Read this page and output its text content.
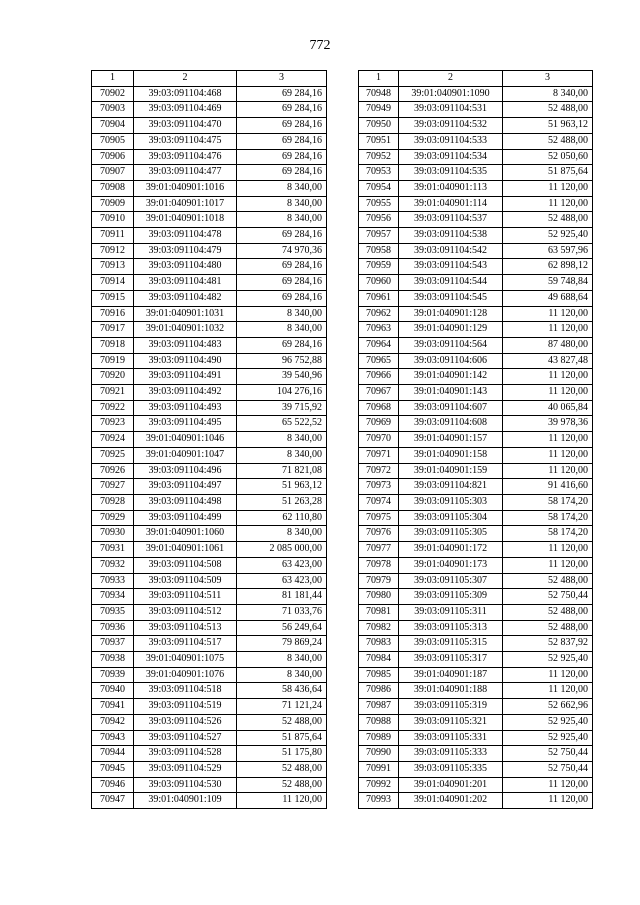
772
1	2	3
70902	39:03:091104:468	69 284,16
70903	39:03:091104:469	69 284,16
70904	39:03:091104:470	69 284,16
70905	39:03:091104:475	69 284,16
70906	39:03:091104:476	69 284,16
70907	39:03:091104:477	69 284,16
70908	39:01:040901:1016	8 340,00
70909	39:01:040901:1017	8 340,00
70910	39:01:040901:1018	8 340,00
70911	39:03:091104:478	69 284,16
70912	39:03:091104:479	74 970,36
70913	39:03:091104:480	69 284,16
70914	39:03:091104:481	69 284,16
70915	39:03:091104:482	69 284,16
70916	39:01:040901:1031	8 340,00
70917	39:01:040901:1032	8 340,00
70918	39:03:091104:483	69 284,16
70919	39:03:091104:490	96 752,88
70920	39:03:091104:491	39 540,96
70921	39:03:091104:492	104 276,16
70922	39:03:091104:493	39 715,92
70923	39:03:091104:495	65 522,52
70924	39:01:040901:1046	8 340,00
70925	39:01:040901:1047	8 340,00
70926	39:03:091104:496	71 821,08
70927	39:03:091104:497	51 963,12
70928	39:03:091104:498	51 263,28
70929	39:03:091104:499	62 110,80
70930	39:01:040901:1060	8 340,00
70931	39:01:040901:1061	2 085 000,00
70932	39:03:091104:508	63 423,00
70933	39:03:091104:509	63 423,00
70934	39:03:091104:511	81 181,44
70935	39:03:091104:512	71 033,76
70936	39:03:091104:513	56 249,64
70937	39:03:091104:517	79 869,24
70938	39:01:040901:1075	8 340,00
70939	39:01:040901:1076	8 340,00
70940	39:03:091104:518	58 436,64
70941	39:03:091104:519	71 121,24
70942	39:03:091104:526	52 488,00
70943	39:03:091104:527	51 875,64
70944	39:03:091104:528	51 175,80
70945	39:03:091104:529	52 488,00
70946	39:03:091104:530	52 488,00
70947	39:01:040901:109	11 120,00
1	2	3
70948	39:01:040901:1090	8 340,00
70949	39:03:091104:531	52 488,00
70950	39:03:091104:532	51 963,12
70951	39:03:091104:533	52 488,00
70952	39:03:091104:534	52 050,60
70953	39:03:091104:535	51 875,64
70954	39:01:040901:113	11 120,00
70955	39:01:040901:114	11 120,00
70956	39:03:091104:537	52 488,00
70957	39:03:091104:538	52 925,40
70958	39:03:091104:542	63 597,96
70959	39:03:091104:543	62 898,12
70960	39:03:091104:544	59 748,84
70961	39:03:091104:545	49 688,64
70962	39:01:040901:128	11 120,00
70963	39:01:040901:129	11 120,00
70964	39:03:091104:564	87 480,00
70965	39:03:091104:606	43 827,48
70966	39:01:040901:142	11 120,00
70967	39:01:040901:143	11 120,00
70968	39:03:091104:607	40 065,84
70969	39:03:091104:608	39 978,36
70970	39:01:040901:157	11 120,00
70971	39:01:040901:158	11 120,00
70972	39:01:040901:159	11 120,00
70973	39:03:091104:821	91 416,60
70974	39:03:091105:303	58 174,20
70975	39:03:091105:304	58 174,20
70976	39:03:091105:305	58 174,20
70977	39:01:040901:172	11 120,00
70978	39:01:040901:173	11 120,00
70979	39:03:091105:307	52 488,00
70980	39:03:091105:309	52 750,44
70981	39:03:091105:311	52 488,00
70982	39:03:091105:313	52 488,00
70983	39:03:091105:315	52 837,92
70984	39:03:091105:317	52 925,40
70985	39:01:040901:187	11 120,00
70986	39:01:040901:188	11 120,00
70987	39:03:091105:319	52 662,96
70988	39:03:091105:321	52 925,40
70989	39:03:091105:331	52 925,40
70990	39:03:091105:333	52 750,44
70991	39:03:091105:335	52 750,44
70992	39:01:040901:201	11 120,00
70993	39:01:040901:202	11 120,00
